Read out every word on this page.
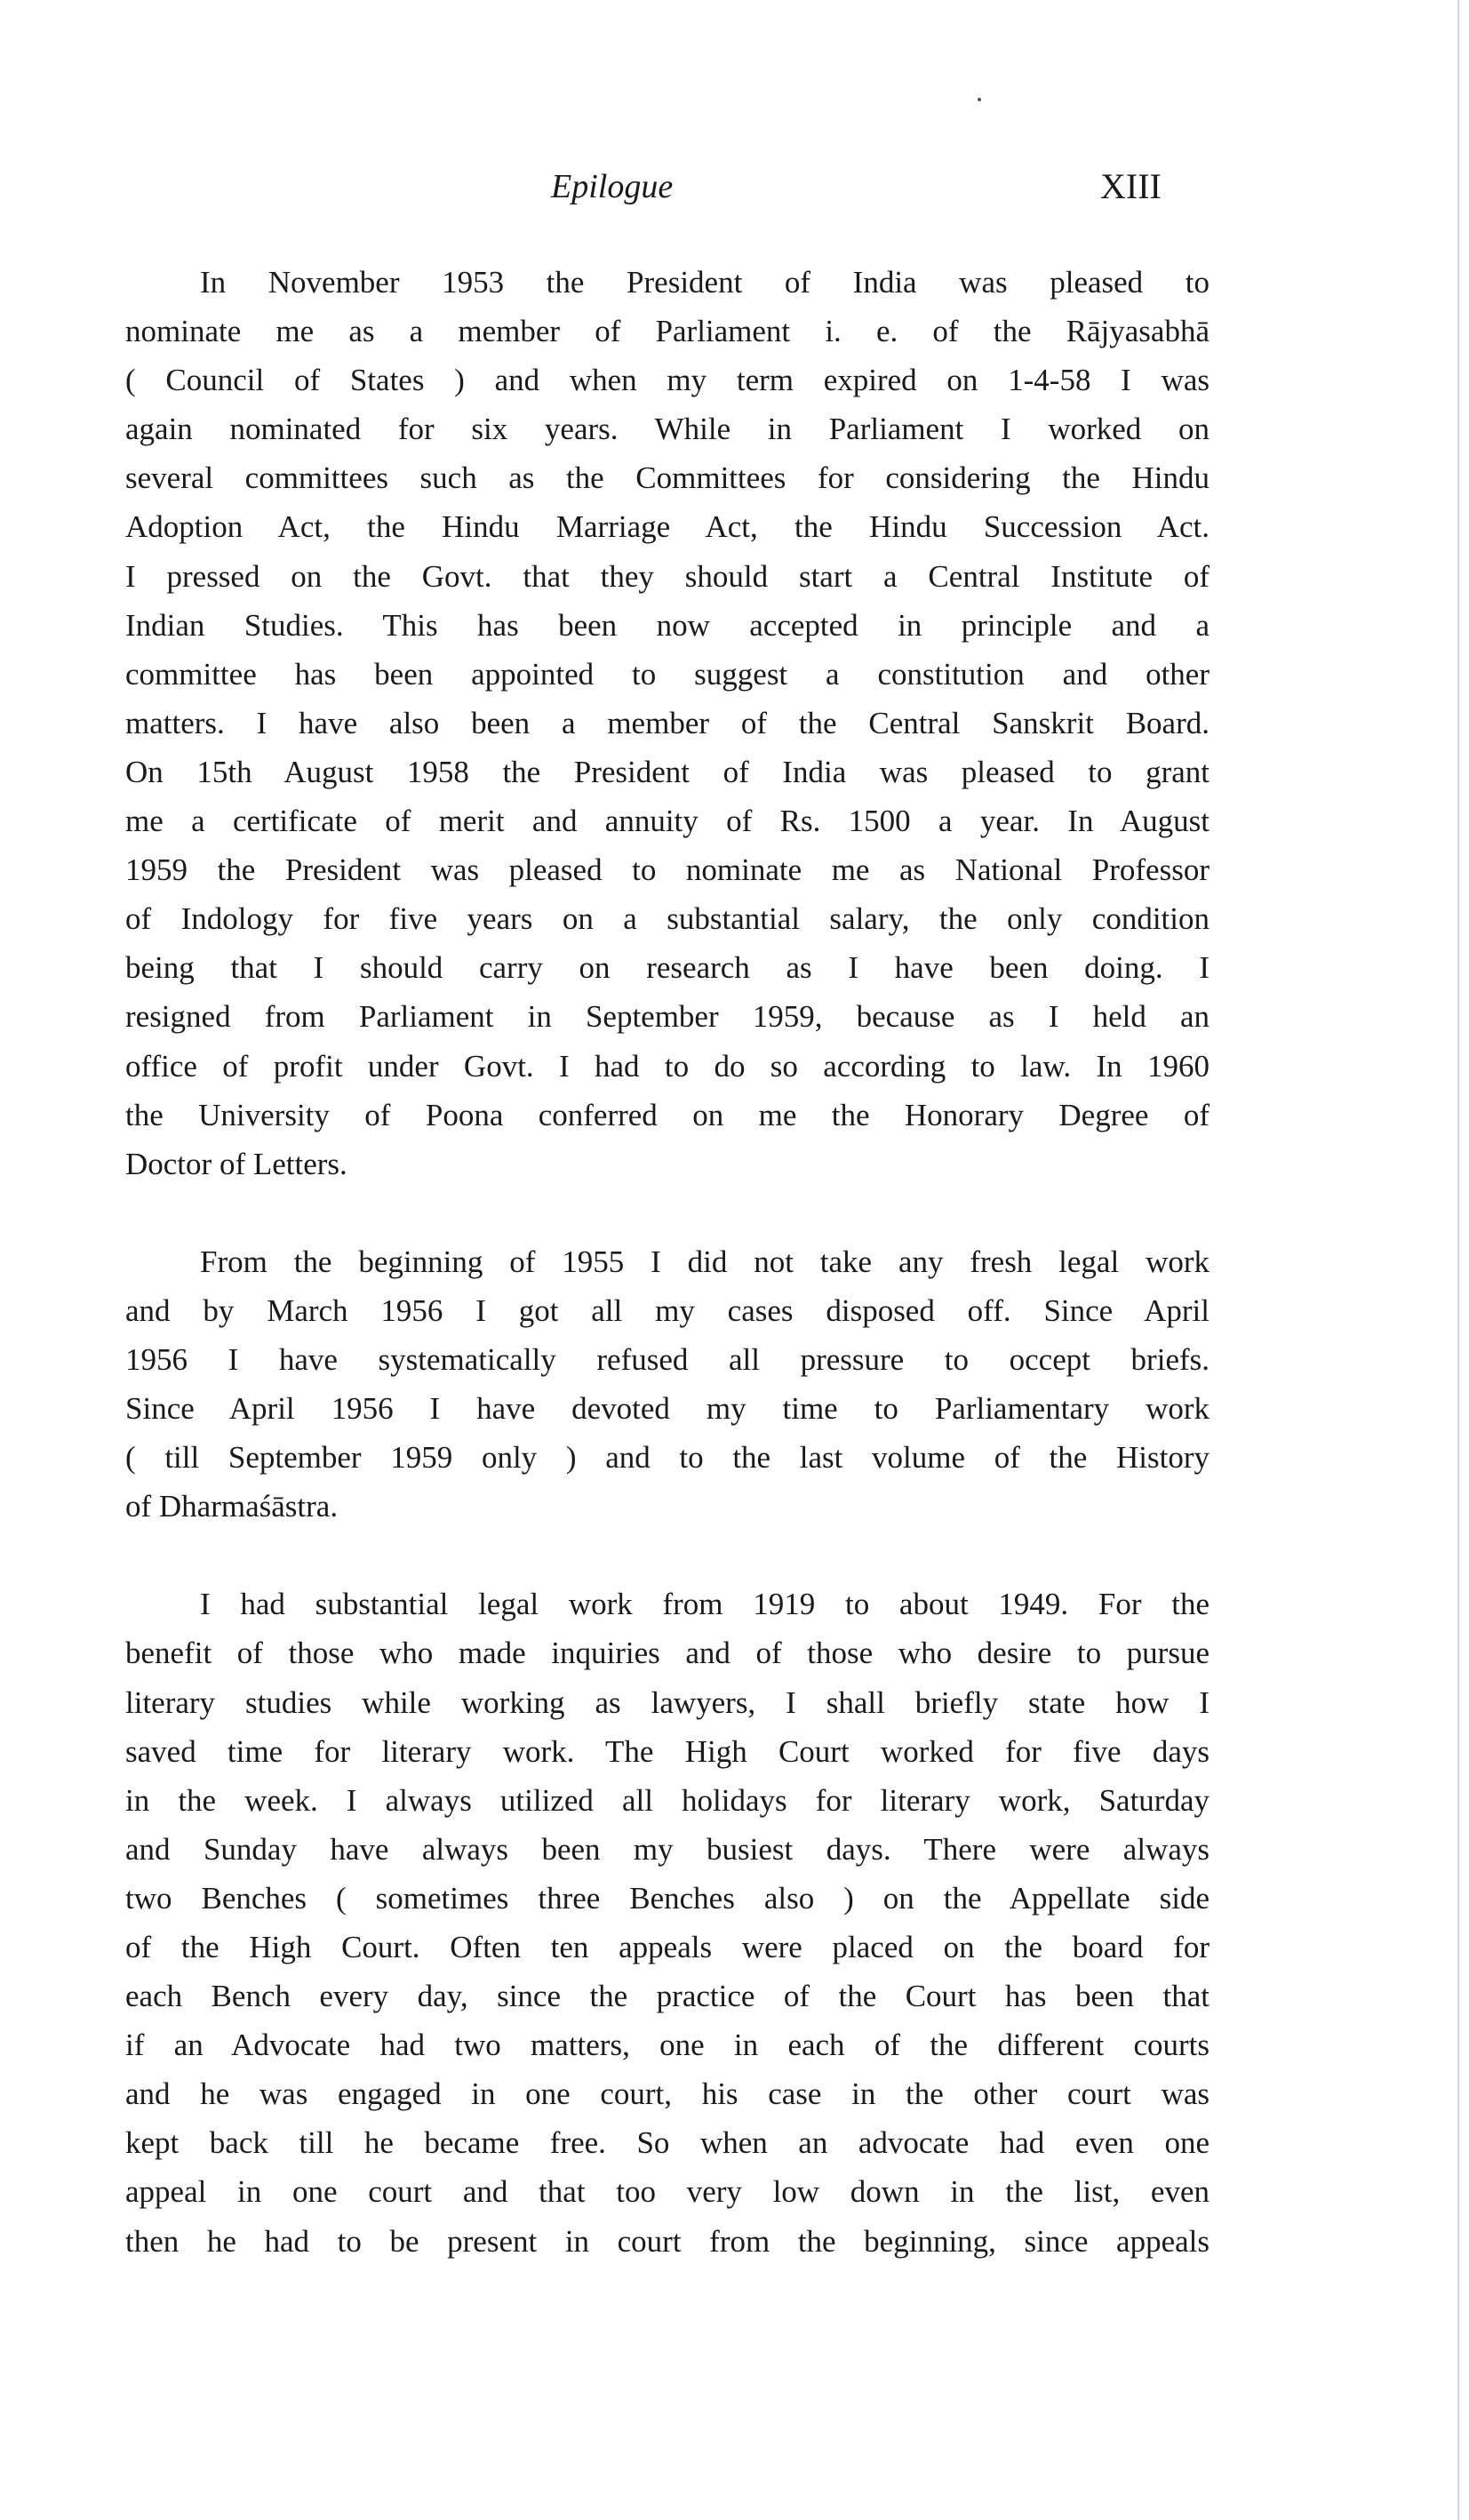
Epilogue	XIII
In November 1953 the President of India was pleased to
nominate me as a member of Parliament i. e. of the Rājyasabhā
( Council of States ) and when my term expired on 1-4-58 I was
again nominated for six years. While in Parliament I worked on
several committees such as the Committees for considering the Hindu
Adoption Act, the Hindu Marriage Act, the Hindu Succession Act.
I pressed on the Govt. that they should start a Central Institute of
Indian Studies. This has been now accepted in principle and a
committee has been appointed to suggest a constitution and other
matters. I have also been a member of the Central Sanskrit Board.
On 15th August 1958 the President of India was pleased to grant
me a certificate of merit and annuity of Rs. 1500 a year. In August
1959 the President was pleased to nominate me as National Professor
of Indology for five years on a substantial salary, the only condition
being that I should carry on research as I have been doing. I
resigned from Parliament in September 1959, because as I held an
office of profit under Govt. I had to do so according to law. In 1960
the University of Poona conferred on me the Honorary Degree of
Doctor of Letters.
From the beginning of 1955 I did not take any fresh legal work
and by March 1956 I got all my cases disposed off. Since April
1956 I have systematically refused all pressure to occept briefs.
Since April 1956 I have devoted my time to Parliamentary work
( till September 1959 only ) and to the last volume of the History
of Dharmaśāstra.
I had substantial legal work from 1919 to about 1949. For the
benefit of those who made inquiries and of those who desire to pursue
literary studies while working as lawyers, I shall briefly state how I
saved time for literary work. The High Court worked for five days
in the week. I always utilized all holidays for literary work, Saturday
and Sunday have always been my busiest days. There were always
two Benches ( sometimes three Benches also ) on the Appellate side
of the High Court. Often ten appeals were placed on the board for
each Bench every day, since the practice of the Court has been that
if an Advocate had two matters, one in each of the different courts
and he was engaged in one court, his case in the other court was
kept back till he became free. So when an advocate had even one
appeal in one court and that too very low down in the list, even
then he had to be present in court from the beginning, since appeals
